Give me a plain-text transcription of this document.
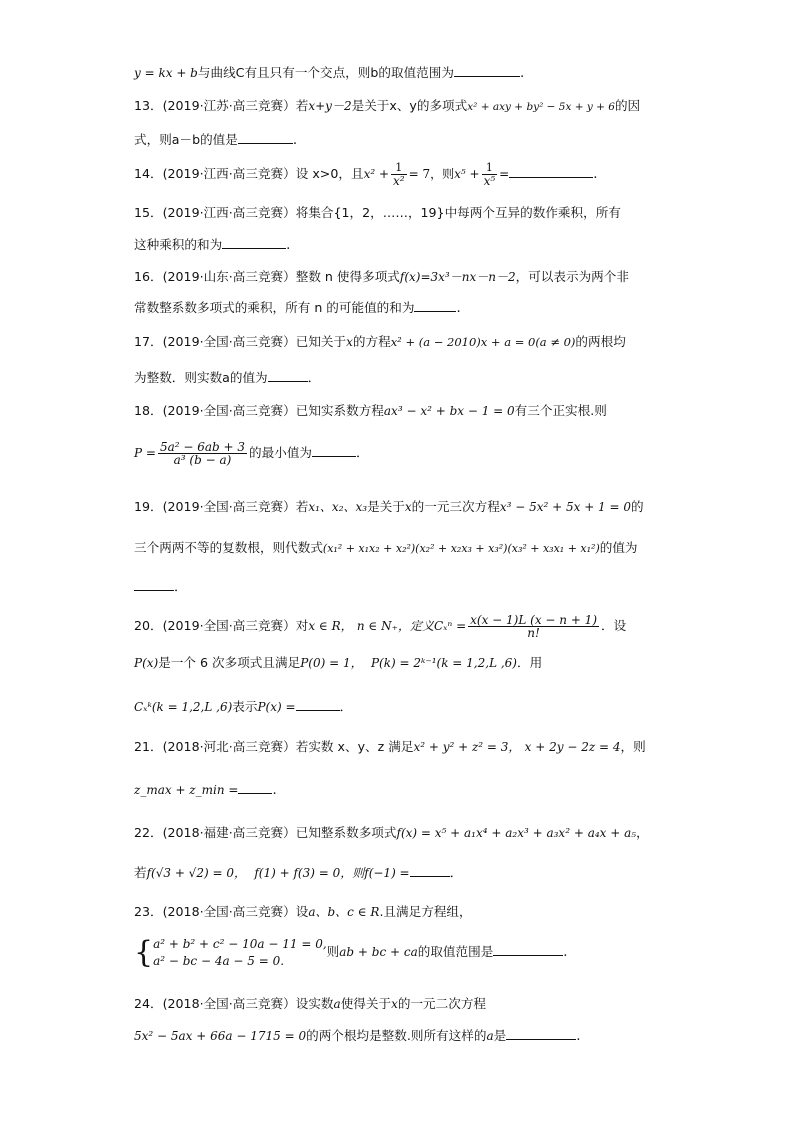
y = kx + b与曲线C有且只有一个交点，则b的取值范围为	.
13．(2019·江苏·高三竞赛）若x+y－2是关于x、y的多项式x² + axy + by² − 5x + y + 6的因
式，则a－b的值是	.
14．(2019·江西·高三竞赛）设 x>0，且$x^2 + \frac{1}{\text{x²}} = 7$，则$x^5 + \frac{1}{\text{x⁵}}$ =	.
15．(2019·江西·高三竞赛）将集合{1，2，……，19}中每两个互异的数作乘积，所有
这种乘积的和为	.
16．(2019·山东·高三竞赛）整数 n 使得多项式f(x)=3x³－nx－n－2，可以表示为两个非
常数整系数多项式的乘积，所有 n 的可能值的和为	.
17．(2019·全国·高三竞赛）已知关于x的方程x² + (a − 2010)x + a = 0(a ≠ 0)的两根均
为整数．则实数a的值为	．
18．(2019·全国·高三竞赛）已知实系数方程ax³ − x² + bx − 1 = 0有三个正实根.则
$P = \frac{\text{5a² − 6ab + 3}}{\text{a³ (b − a)}}$ 的最小值为	．
19．(2019·全国·高三竞赛）若x₁、x₂、x₃是关于x的一元三次方程x³ − 5x² + 5x + 1 = 0的
三个两两不等的复数根，则代数式(x₁² + x₁x₂ + x₂²)(x₂² + x₂x₃ + x₃²)(x₃² + x₃x₁ + x₁²)的值为
．
20．(2019·全国·高三竞赛）对x ∈ R， n ∈ N₊，定义$C_x^n = \frac{x(x - 1)L (x - n + 1)}{n!}$ ．设
P(x)是一个 6 次多项式且满足P(0) = 1， P(k) = 2ᵏ⁻¹(k = 1,2,L ,6)．用
Cₓᵏ(k = 1,2,L ,6)表示P(x) =	．
21．(2018·河北·高三竞赛）若实数 x、y、z 满足x² + y² + z² = 3， x + 2y − 2z = 4，则
z_max + z_min =	.
22．(2018·福建·高三竞赛）已知整系数多项式f(x) = x⁵ + a₁x⁴ + a₂x³ + a₃x² + a₄x + a₅，
若f(√3 + √2) = 0， f(1) + f(3) = 0，则f(−1) =	．
23．(2018·全国·高三竞赛）设a、b、c ∈ R.且满足方程组，
{ a² + b² + c² − 10a − 11 = 0,
a² − bc − 4a − 5 = 0.
则ab + bc + ca的取值范围是	.
24．(2018·全国·高三竞赛）设实数a使得关于x的一元二次方程
5x² − 5ax + 66a − 1715 = 0的两个根均是整数.则所有这样的a是	.
